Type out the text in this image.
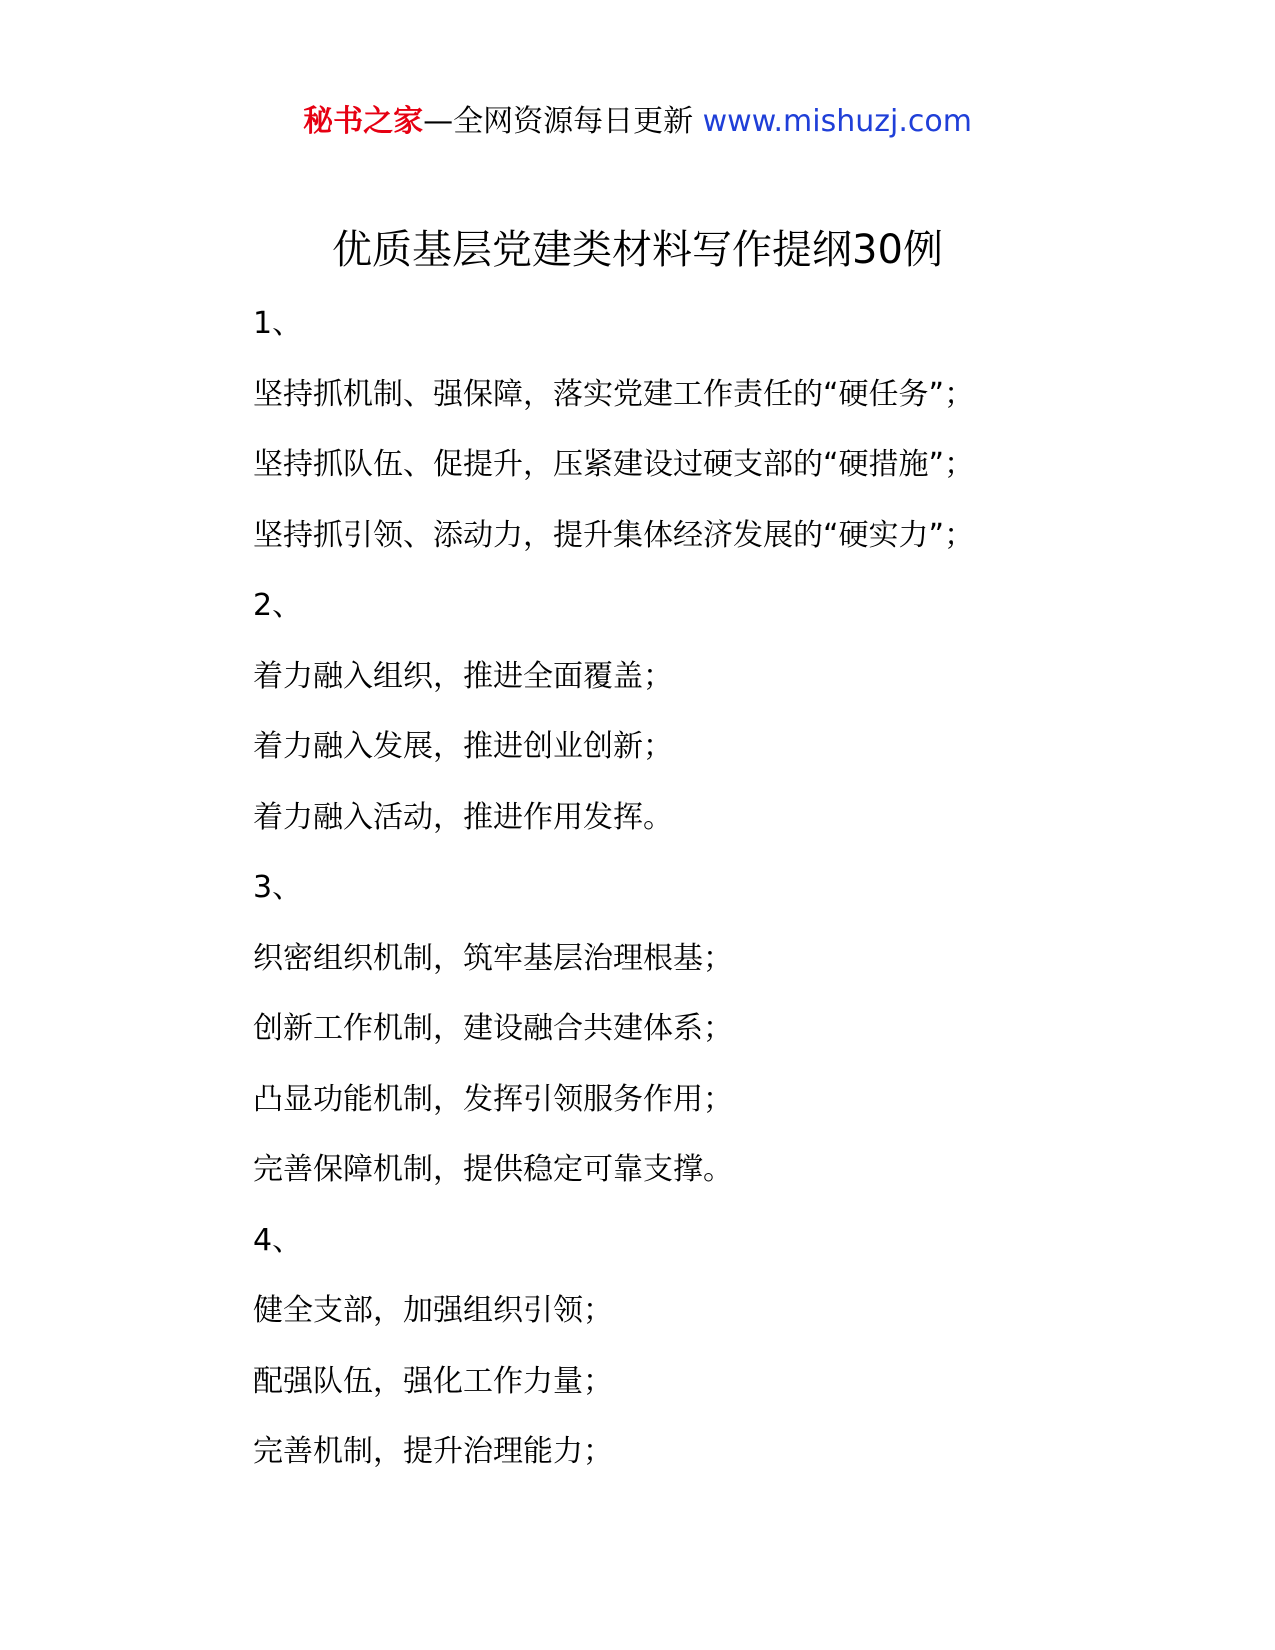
秘书之家—全网资源每日更新 www.mishuzj.com
优质基层党建类材料写作提纲30例
1、
坚持抓机制、强保障，落实党建工作责任的“硬任务”；
坚持抓队伍、促提升，压紧建设过硬支部的“硬措施”；
坚持抓引领、添动力，提升集体经济发展的“硬实力”；
2、
着力融入组织，推进全面覆盖；
着力融入发展，推进创业创新；
着力融入活动，推进作用发挥。
3、
织密组织机制，筑牢基层治理根基；
创新工作机制，建设融合共建体系；
凸显功能机制，发挥引领服务作用；
完善保障机制，提供稳定可靠支撑。
4、
健全支部，加强组织引领；
配强队伍，强化工作力量；
完善机制，提升治理能力；
